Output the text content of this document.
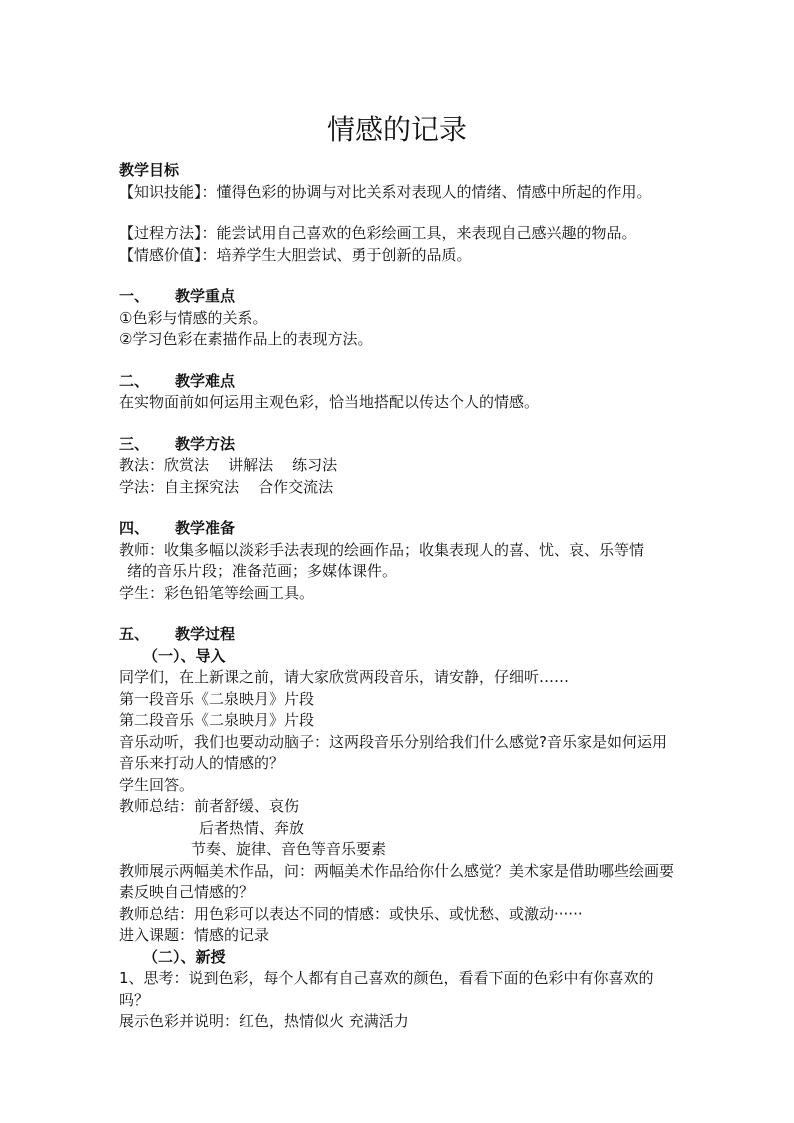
情感的记录

教学目标

【知识技能】：懂得色彩的协调与对比关系对表现人的情绪、情感中所起的作用。

【过程方法】：能尝试用自己喜欢的色彩绘画工具，来表现自己感兴趣的物品。

【情感价值】：培养学生大胆尝试、勇于创新的品质。

一、 教学重点

①色彩与情感的关系。

②学习色彩在素描作品上的表现方法。

二、 教学难点

在实物面前如何运用主观色彩，恰当地搭配以传达个人的情感。

三、 教学方法

教法：欣赏法    讲解法    练习法

学法：自主探究法    合作交流法

四、 教学准备

教师：收集多幅以淡彩手法表现的绘画作品；收集表现人的喜、忧、哀、乐等情

绪的音乐片段；准备范画；多媒体课件。

学生：彩色铅笔等绘画工具。

五、 教学过程

（一）、导入

同学们，在上新课之前，请大家欣赏两段音乐，请安静，仔细听……

第一段音乐《二泉映月》片段

第二段音乐《二泉映月》片段

音乐动听，我们也要动动脑子：这两段音乐分别给我们什么感觉?音乐家是如何运用音乐来打动人的情感的？

学生回答。

教师总结：前者舒缓、哀伤

后者热情、奔放

节奏、旋律、音色等音乐要素

教师展示两幅美术作品，问：两幅美术作品给你什么感觉？美术家是借助哪些绘画要素反映自己情感的？

教师总结：用色彩可以表达不同的情感：或快乐、或忧愁、或激动······

进入课题：情感的记录

（二）、新授

1、思考：说到色彩，每个人都有自己喜欢的颜色，看看下面的色彩中有你喜欢的吗？

展示色彩并说明：红色，热情似火 充满活力
